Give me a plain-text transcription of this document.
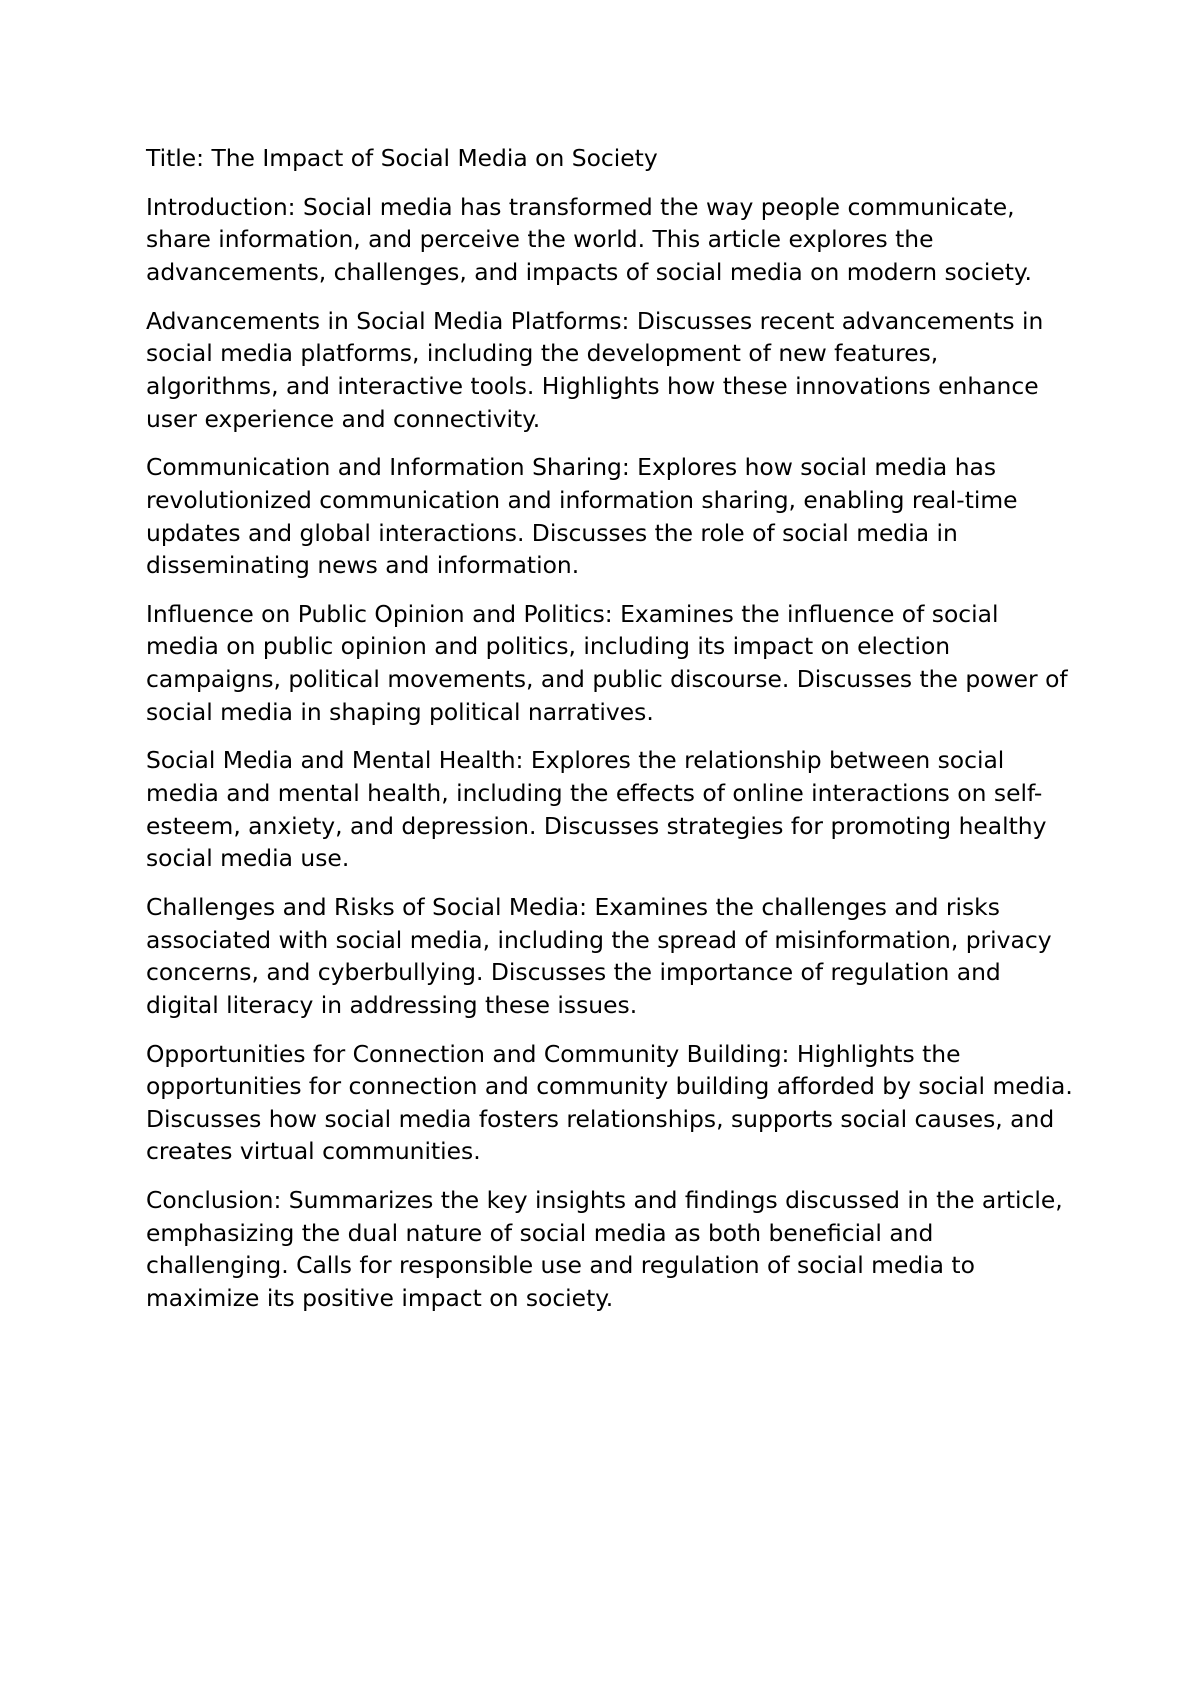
Title: The Impact of Social Media on Society

Introduction: Social media has transformed the way people communicate, share information, and perceive the world. This article explores the advancements, challenges, and impacts of social media on modern society.

Advancements in Social Media Platforms: Discusses recent advancements in social media platforms, including the development of new features, algorithms, and interactive tools. Highlights how these innovations enhance user experience and connectivity.

Communication and Information Sharing: Explores how social media has revolutionized communication and information sharing, enabling real-time updates and global interactions. Discusses the role of social media in disseminating news and information.

Influence on Public Opinion and Politics: Examines the influence of social media on public opinion and politics, including its impact on election campaigns, political movements, and public discourse. Discusses the power of social media in shaping political narratives.

Social Media and Mental Health: Explores the relationship between social media and mental health, including the effects of online interactions on self-esteem, anxiety, and depression. Discusses strategies for promoting healthy social media use.

Challenges and Risks of Social Media: Examines the challenges and risks associated with social media, including the spread of misinformation, privacy concerns, and cyberbullying. Discusses the importance of regulation and digital literacy in addressing these issues.

Opportunities for Connection and Community Building: Highlights the opportunities for connection and community building afforded by social media. Discusses how social media fosters relationships, supports social causes, and creates virtual communities.

Conclusion: Summarizes the key insights and findings discussed in the article, emphasizing the dual nature of social media as both beneficial and challenging. Calls for responsible use and regulation of social media to maximize its positive impact on society.
